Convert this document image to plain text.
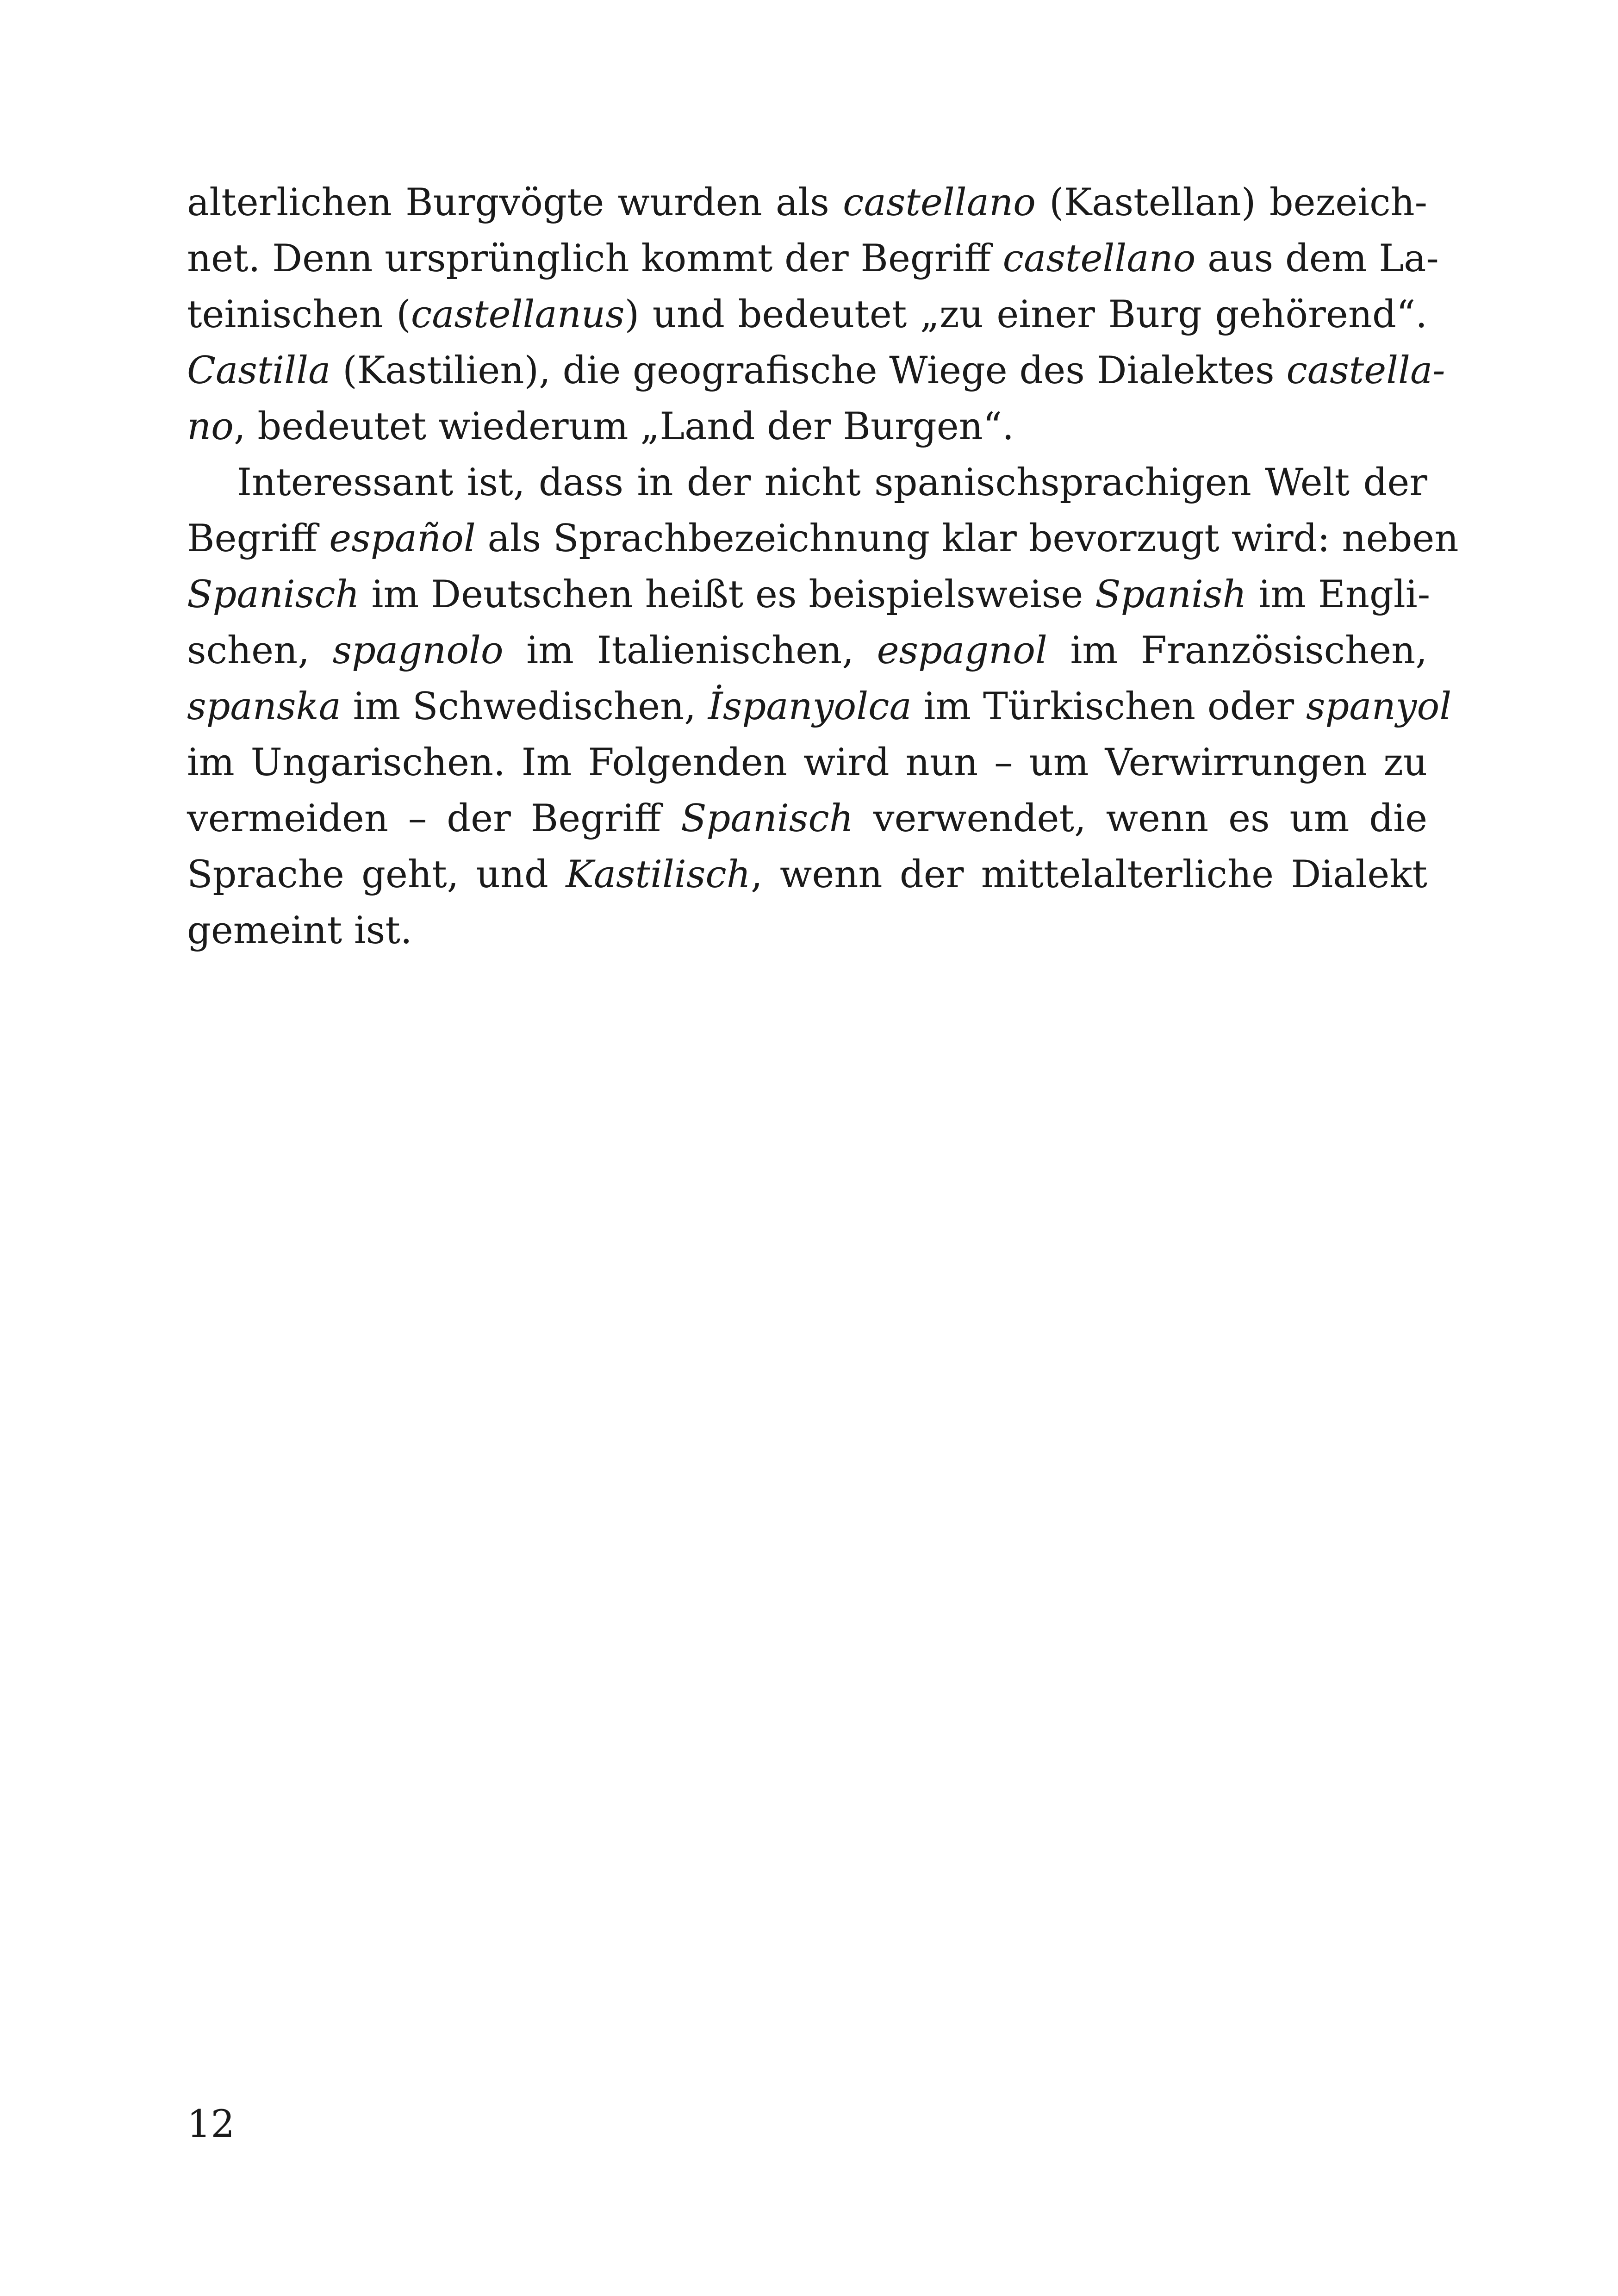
alterlichen Burgvögte wurden als castellano (Kastellan) bezeich-
net. Denn ursprünglich kommt der Begriff castellano aus dem La-
teinischen (castellanus) und bedeutet „zu einer Burg gehörend“.
Castilla (Kastilien), die geografische Wiege des Dialektes castella-
no, bedeutet wiederum „Land der Burgen“.
Interessant ist, dass in der nicht spanischsprachigen Welt der
Begriff español als Sprachbezeichnung klar bevorzugt wird: neben
Spanisch im Deutschen heißt es beispielsweise Spanish im Engli-
schen, spagnolo im Italienischen, espagnol im Französischen,
spanska im Schwedischen, İspanyolca im Türkischen oder spanyol
im Ungarischen. Im Folgenden wird nun – um Verwirrungen zu
vermeiden – der Begriff Spanisch verwendet, wenn es um die
Sprache geht, und Kastilisch, wenn der mittelalterliche Dialekt
gemeint ist.
12
